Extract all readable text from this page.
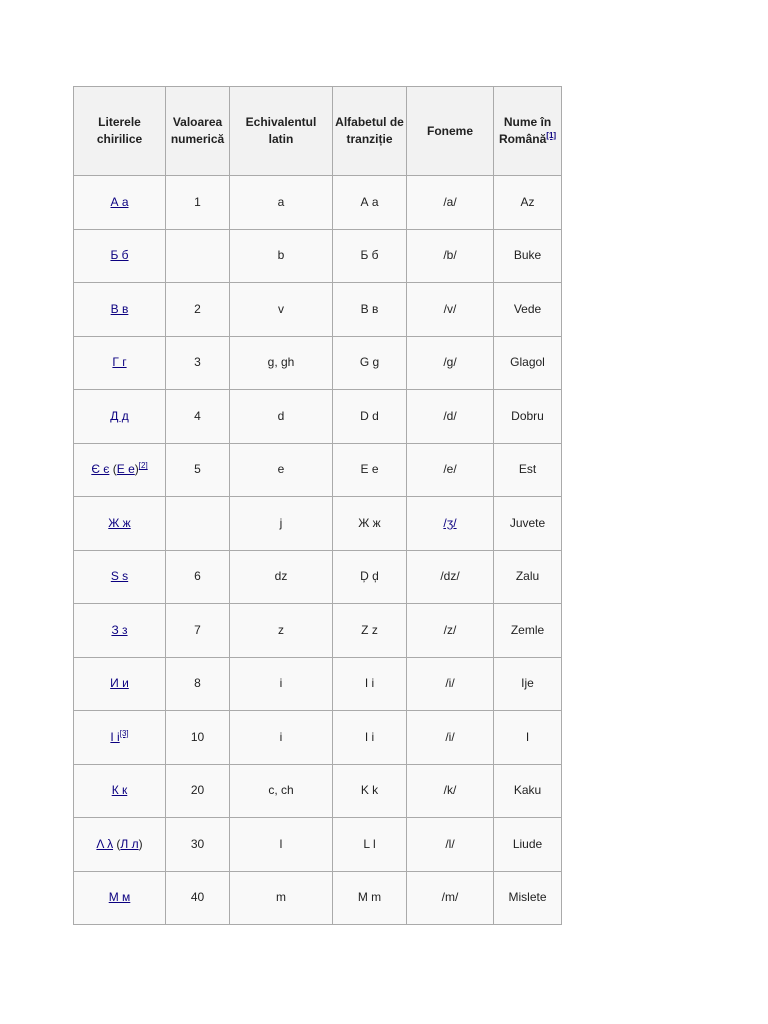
Literele chirilice	Valoarea numerică	Echivalentul latin	Alfabetul de tranziție	Foneme	Nume în Română[1]
А а	1	a	А а	/a/	Az
Б б		b	Б б	/b/	Buke
В в	2	v	В в	/v/	Vede
Г г	3	g, gh	G g	/g/	Glagol
Д д	4	d	D d	/d/	Dobru
Є є (Е е)[2]	5	e	Е е	/e/	Est
Ж ж		j	Ж ж	/ʒ/	Juvete
Ѕ ѕ	6	dz	Ḑ ḑ	/dz/	Zalu
З з	7	z	Z z	/z/	Zemle
И и	8	i	I i	/i/	Ije
І і[3]	10	i	I i	/i/	I
К к	20	c, ch	K k	/k/	Kaku
Λ λ (Л л)	30	l	L l	/l/	Liude
М м	40	m	М m	/m/	Mislete
